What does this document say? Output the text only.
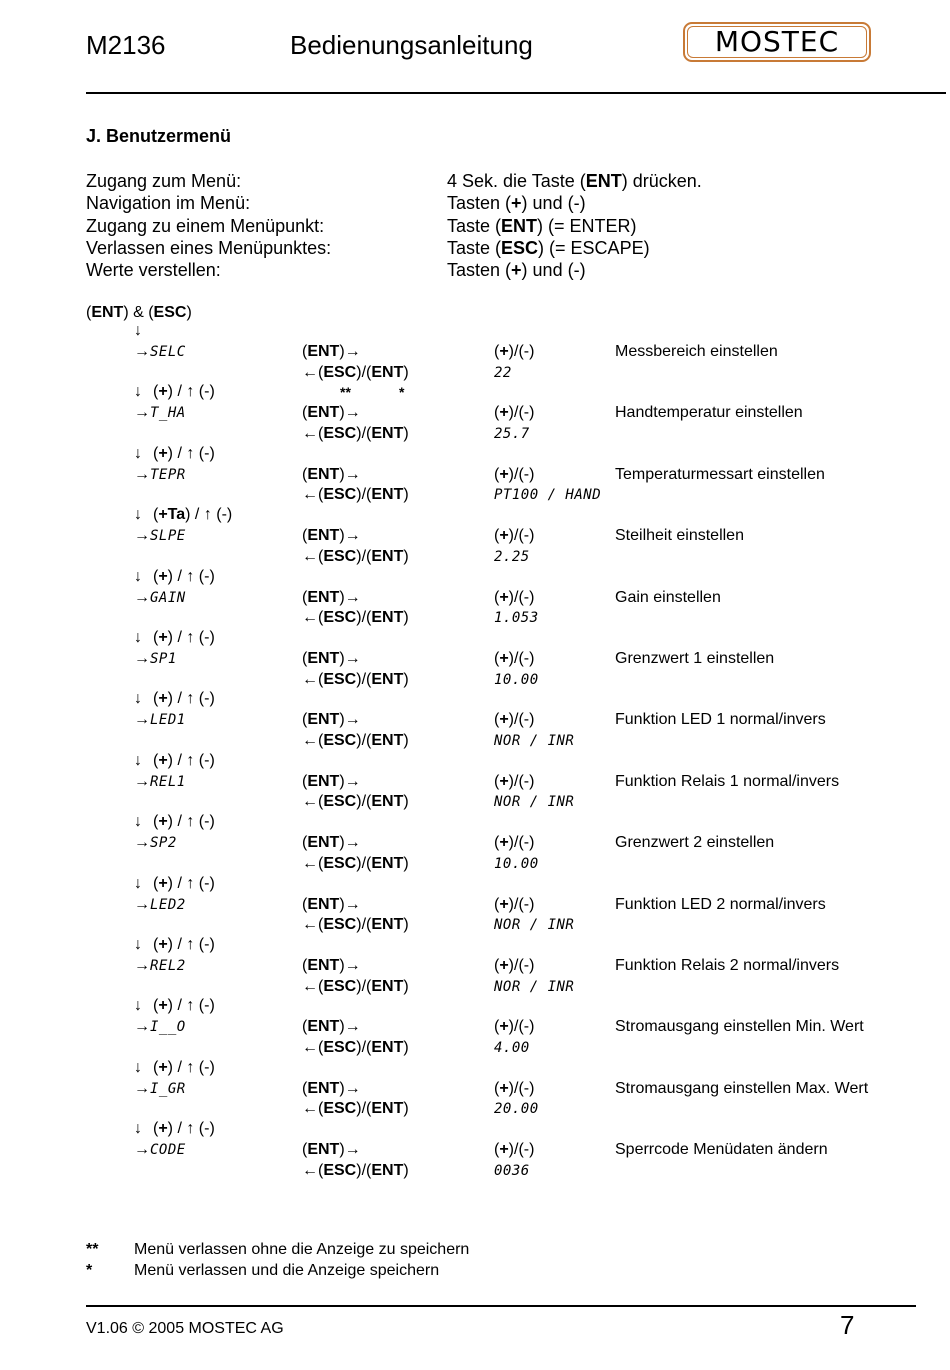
M2136	Bedienungsanleitung	MOSTEC
J. Benutzermenü
Zugang zum Menü:	4 Sek. die Taste (ENT) drücken.
Navigation im Menü:	Tasten (+) und (-)
Zugang zu einem Menüpunkt:	Taste (ENT) (= ENTER)
Verlassen eines Menüpunktes:	Taste (ESC) (= ESCAPE)
Werte verstellen:	Tasten (+) und (-)
(ENT) & (ESC)
↓
→ SELC	(ENT)→	(+)/(-)	Messbereich einstellen
←(ESC)/(ENT)	22
↓ (+) / ↑ (-)
→ T_HA	(ENT)→	(+)/(-)	Handtemperatur einstellen
←(ESC)/(ENT)	25.7
↓ (+) / ↑ (-)
→ TEPR	(ENT)→	(+)/(-)	Temperaturmessart einstellen
←(ESC)/(ENT)	PT100 / HAND
↓ (+Ta) / ↑ (-)
→ SLPE	(ENT)→	(+)/(-)	Steilheit einstellen
←(ESC)/(ENT)	2.25
↓ (+) / ↑ (-)
→ GAIN	(ENT)→	(+)/(-)	Gain einstellen
←(ESC)/(ENT)	1.053
↓ (+) / ↑ (-)
→ SP1	(ENT)→	(+)/(-)	Grenzwert 1 einstellen
←(ESC)/(ENT)	10.00
↓ (+) / ↑ (-)
→ LED1	(ENT)→	(+)/(-)	Funktion LED 1 normal/invers
←(ESC)/(ENT)	NOR / INR
↓ (+) / ↑ (-)
→ REL1	(ENT)→	(+)/(-)	Funktion Relais 1 normal/invers
←(ESC)/(ENT)	NOR / INR
↓ (+) / ↑ (-)
→ SP2	(ENT)→	(+)/(-)	Grenzwert 2 einstellen
←(ESC)/(ENT)	10.00
↓ (+) / ↑ (-)
→ LED2	(ENT)→	(+)/(-)	Funktion LED 2 normal/invers
←(ESC)/(ENT)	NOR / INR
↓ (+) / ↑ (-)
→ REL2	(ENT)→	(+)/(-)	Funktion Relais 2 normal/invers
←(ESC)/(ENT)	NOR / INR
↓ (+) / ↑ (-)
→ I__O	(ENT)→	(+)/(-)	Stromausgang einstellen Min. Wert
←(ESC)/(ENT)	4.00
↓ (+) / ↑ (-)
→ I_GR	(ENT)→	(+)/(-)	Stromausgang einstellen Max. Wert
←(ESC)/(ENT)	20.00
↓ (+) / ↑ (-)
→ CODE	(ENT)→	(+)/(-)	Sperrcode Menüdaten ändern
←(ESC)/(ENT)	0036
**	*
** Menü verlassen ohne die Anzeige zu speichern
*	Menü verlassen und die Anzeige speichern
V1.06 © 2005 MOSTEC AG	7
